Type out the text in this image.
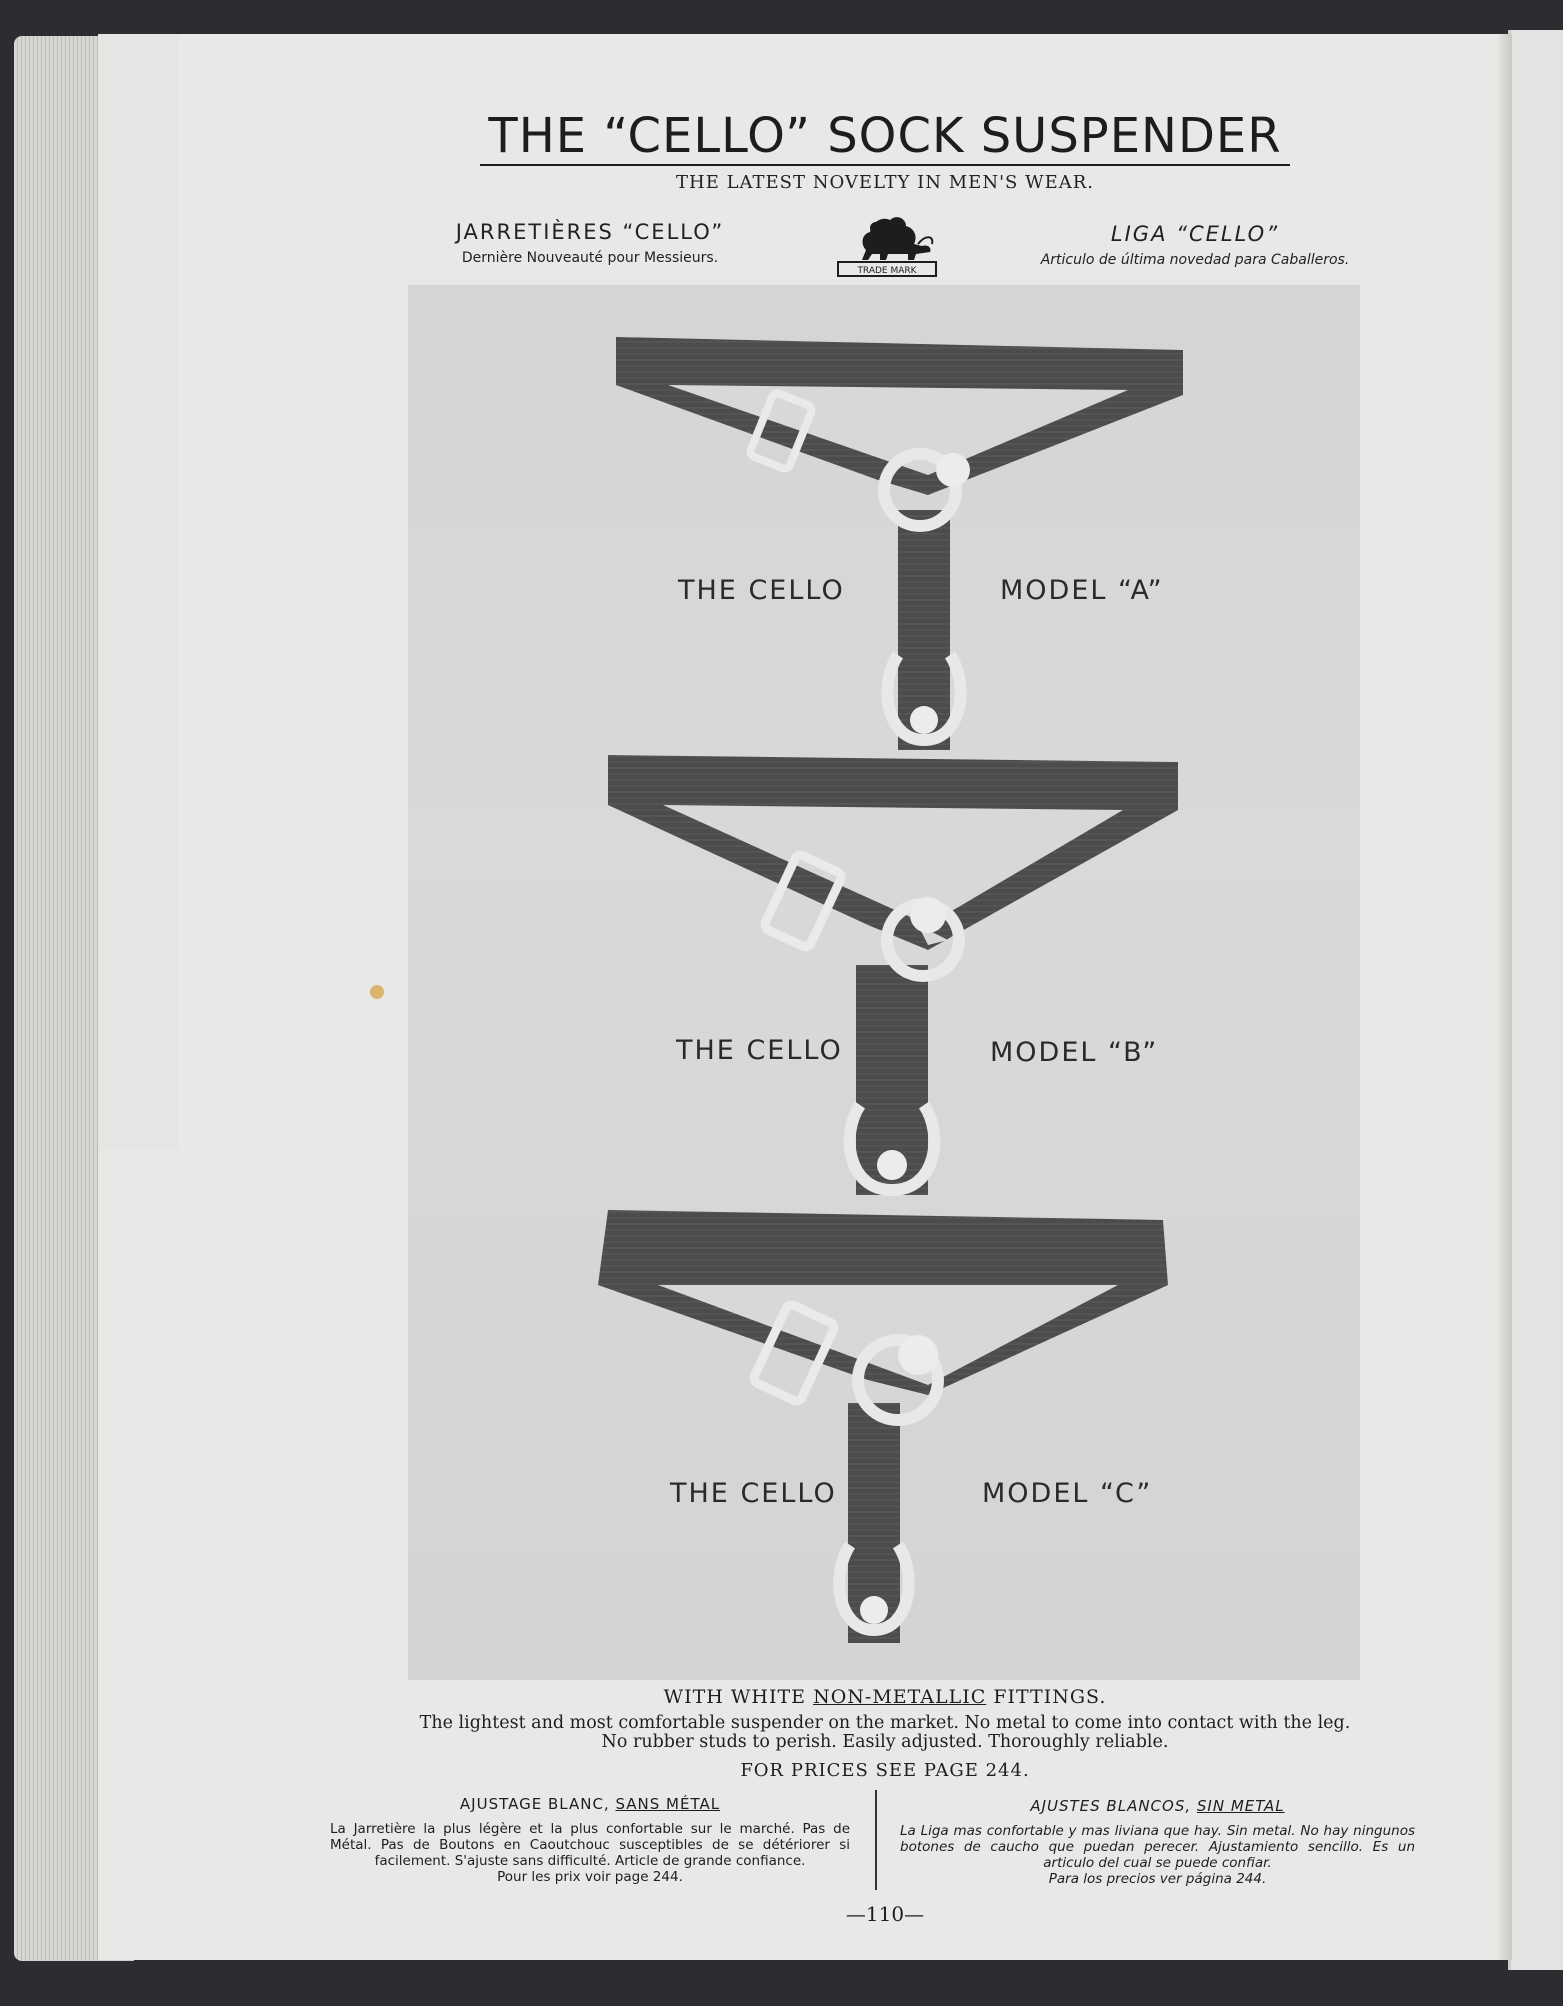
THE “CELLO” SOCK SUSPENDER
THE LATEST NOVELTY IN MEN'S WEAR.
JARRETIÈRES “CELLO”
Dernière Nouveauté pour Messieurs.
TRADE MARK
LIGA “CELLO”
Articulo de última novedad para Caballeros.
THE CELLO	MODEL “A”
THE CELLO	MODEL “B”
THE CELLO	MODEL “C”
WITH WHITE NON-METALLIC FITTINGS.
The lightest and most comfortable suspender on the market. No metal to come into contact with the leg.
No rubber studs to perish. Easily adjusted. Thoroughly reliable.
FOR PRICES SEE PAGE 244.
AJUSTAGE BLANC, SANS MÉTAL
La Jarretière la plus légère et la plus confortable sur le marché. Pas de Métal. Pas de Boutons en Caoutchouc susceptibles de se détériorer si facilement. S'ajuste sans difficulté. Article de grande confiance.
Pour les prix voir page 244.
AJUSTES BLANCOS, SIN METAL
La Liga mas confortable y mas liviana que hay. Sin metal. No hay ningunos botones de caucho que puedan perecer. Ajustamiento sencillo. Es un articulo del cual se puede confiar.
Para los precios ver página 244.
—110—
